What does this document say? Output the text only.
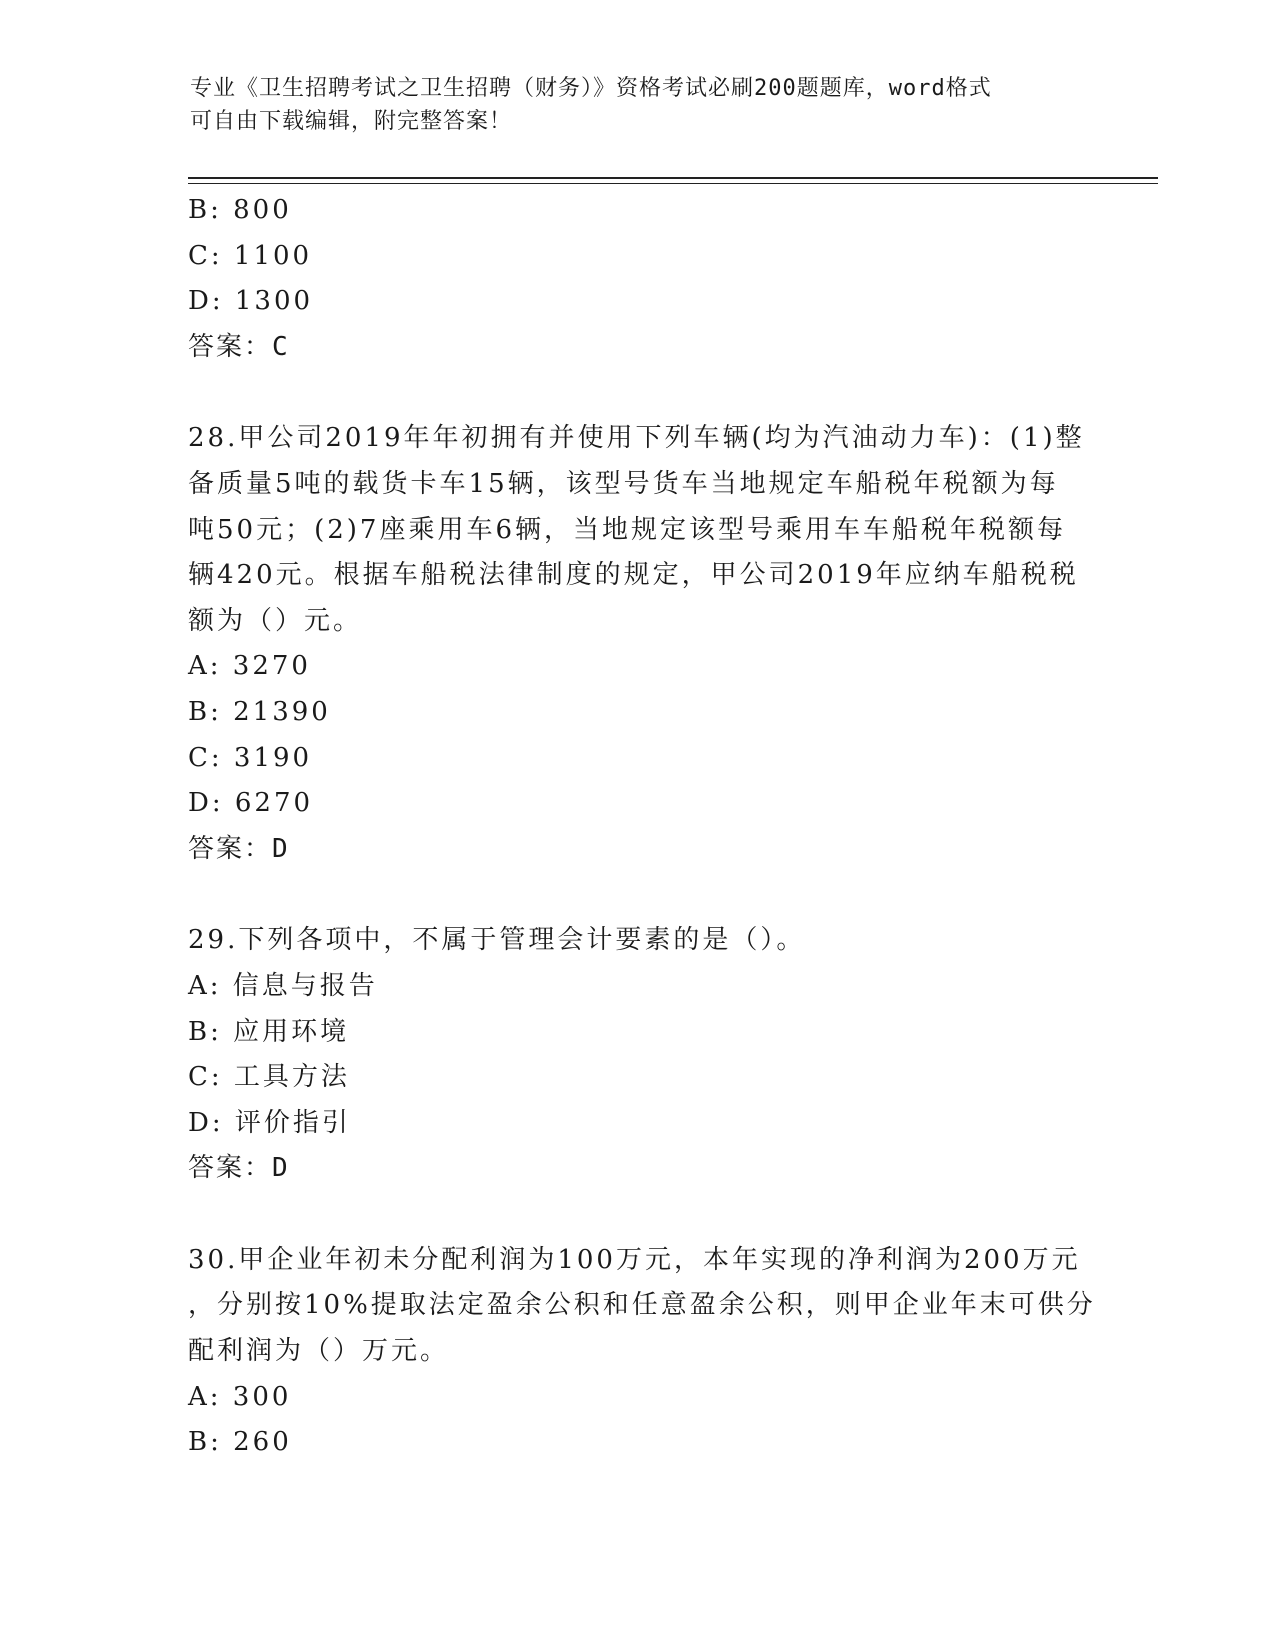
专业《卫生招聘考试之卫生招聘（财务）》资格考试必刷200题题库，word格式
可自由下载编辑，附完整答案！
B: 800
C: 1100
D: 1300
答案：C
28.甲公司2019年年初拥有并使用下列车辆(均为汽油动力车)：(1)整
备质量5吨的载货卡车15辆，该型号货车当地规定车船税年税额为每
吨50元；(2)7座乘用车6辆，当地规定该型号乘用车车船税年税额每
辆420元。根据车船税法律制度的规定，甲公司2019年应纳车船税税
额为（）元。
A: 3270
B: 21390
C: 3190
D: 6270
答案：D
29.下列各项中，不属于管理会计要素的是（）。
A: 信息与报告
B: 应用环境
C: 工具方法
D: 评价指引
答案：D
30.甲企业年初未分配利润为100万元，本年实现的净利润为200万元
，分别按10%提取法定盈余公积和任意盈余公积，则甲企业年末可供分
配利润为（）万元。
A: 300
B: 260
